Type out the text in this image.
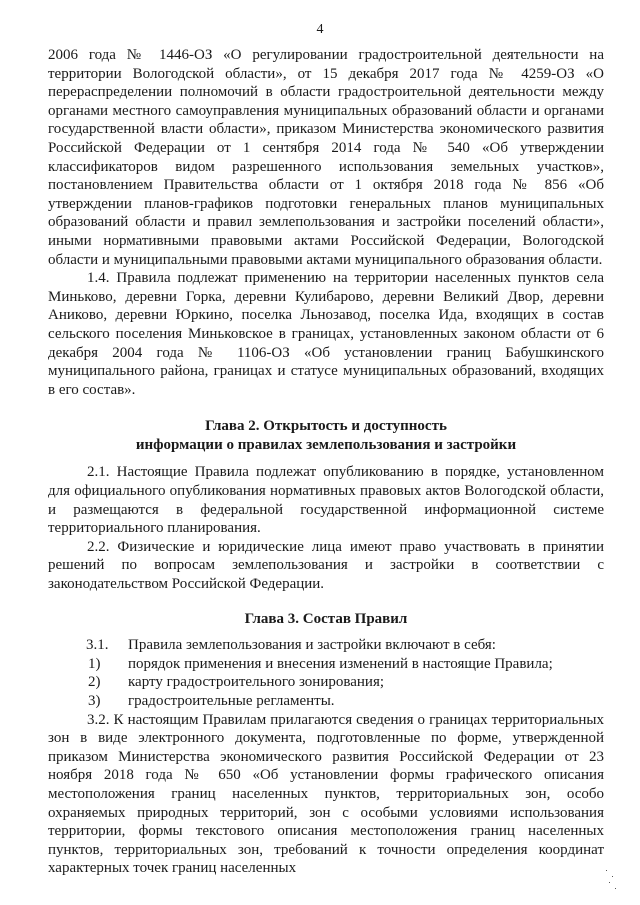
4

2006 года № 1446-ОЗ «О регулировании градостроительной деятельности на территории Вологодской области», от 15 декабря 2017 года № 4259-ОЗ «О перераспределении полномочий в области градостроительной деятельности между органами местного самоуправления муниципальных образований области и органами государственной власти области», приказом Министерства экономического развития Российской Федерации от 1 сентября 2014 года № 540 «Об утверждении классификаторов видом разрешенного использования земельных участков», постановлением Правительства области от 1 октября 2018 года № 856 «Об утверждении планов-графиков подготовки генеральных планов муниципальных образований области и правил землепользования и застройки поселений области», иными нормативными правовыми актами Российской Федерации, Вологодской области и муниципальными правовыми актами муниципального образования области.

1.4. Правила подлежат применению на территории населенных пунктов села Миньково, деревни Горка, деревни Кулибарово, деревни Великий Двор, деревни Аниково, деревни Юркино, поселка Льнозавод, поселка Ида, входящих в состав сельского поселения Миньковское в границах, установленных законом области от 6 декабря 2004 года № 1106-ОЗ «Об установлении границ Бабушкинского муниципального района, границах и статусе муниципальных образований, входящих в его состав».

Глава 2. Открытость и доступность
информации о правилах землепользования и застройки

2.1. Настоящие Правила подлежат опубликованию в порядке, установленном для официального опубликования нормативных правовых актов Вологодской области, и размещаются в федеральной государственной информационной системе территориального планирования.

2.2. Физические и юридические лица имеют право участвовать в принятии решений по вопросам землепользования и застройки в соответствии с законодательством Российской Федерации.

Глава 3. Состав Правил
3.1.	Правила землепользования и застройки включают в себя:
1)	порядок применения и внесения изменений в настоящие Правила;
2)	карту градостроительного зонирования;
3)	градостроительные регламенты.

3.2. К настоящим Правилам прилагаются сведения о границах территориальных зон в виде электронного документа, подготовленные по форме, утвержденной приказом Министерства экономического развития Российской Федерации от 23 ноября 2018 года № 650 «Об установлении формы графического описания местоположения границ населенных пунктов, территориальных зон, особо охраняемых природных территорий, зон с особыми условиями использования территории, формы текстового описания местоположения границ населенных пунктов, территориальных зон, требований к точности определения координат характерных точек границ населенных
